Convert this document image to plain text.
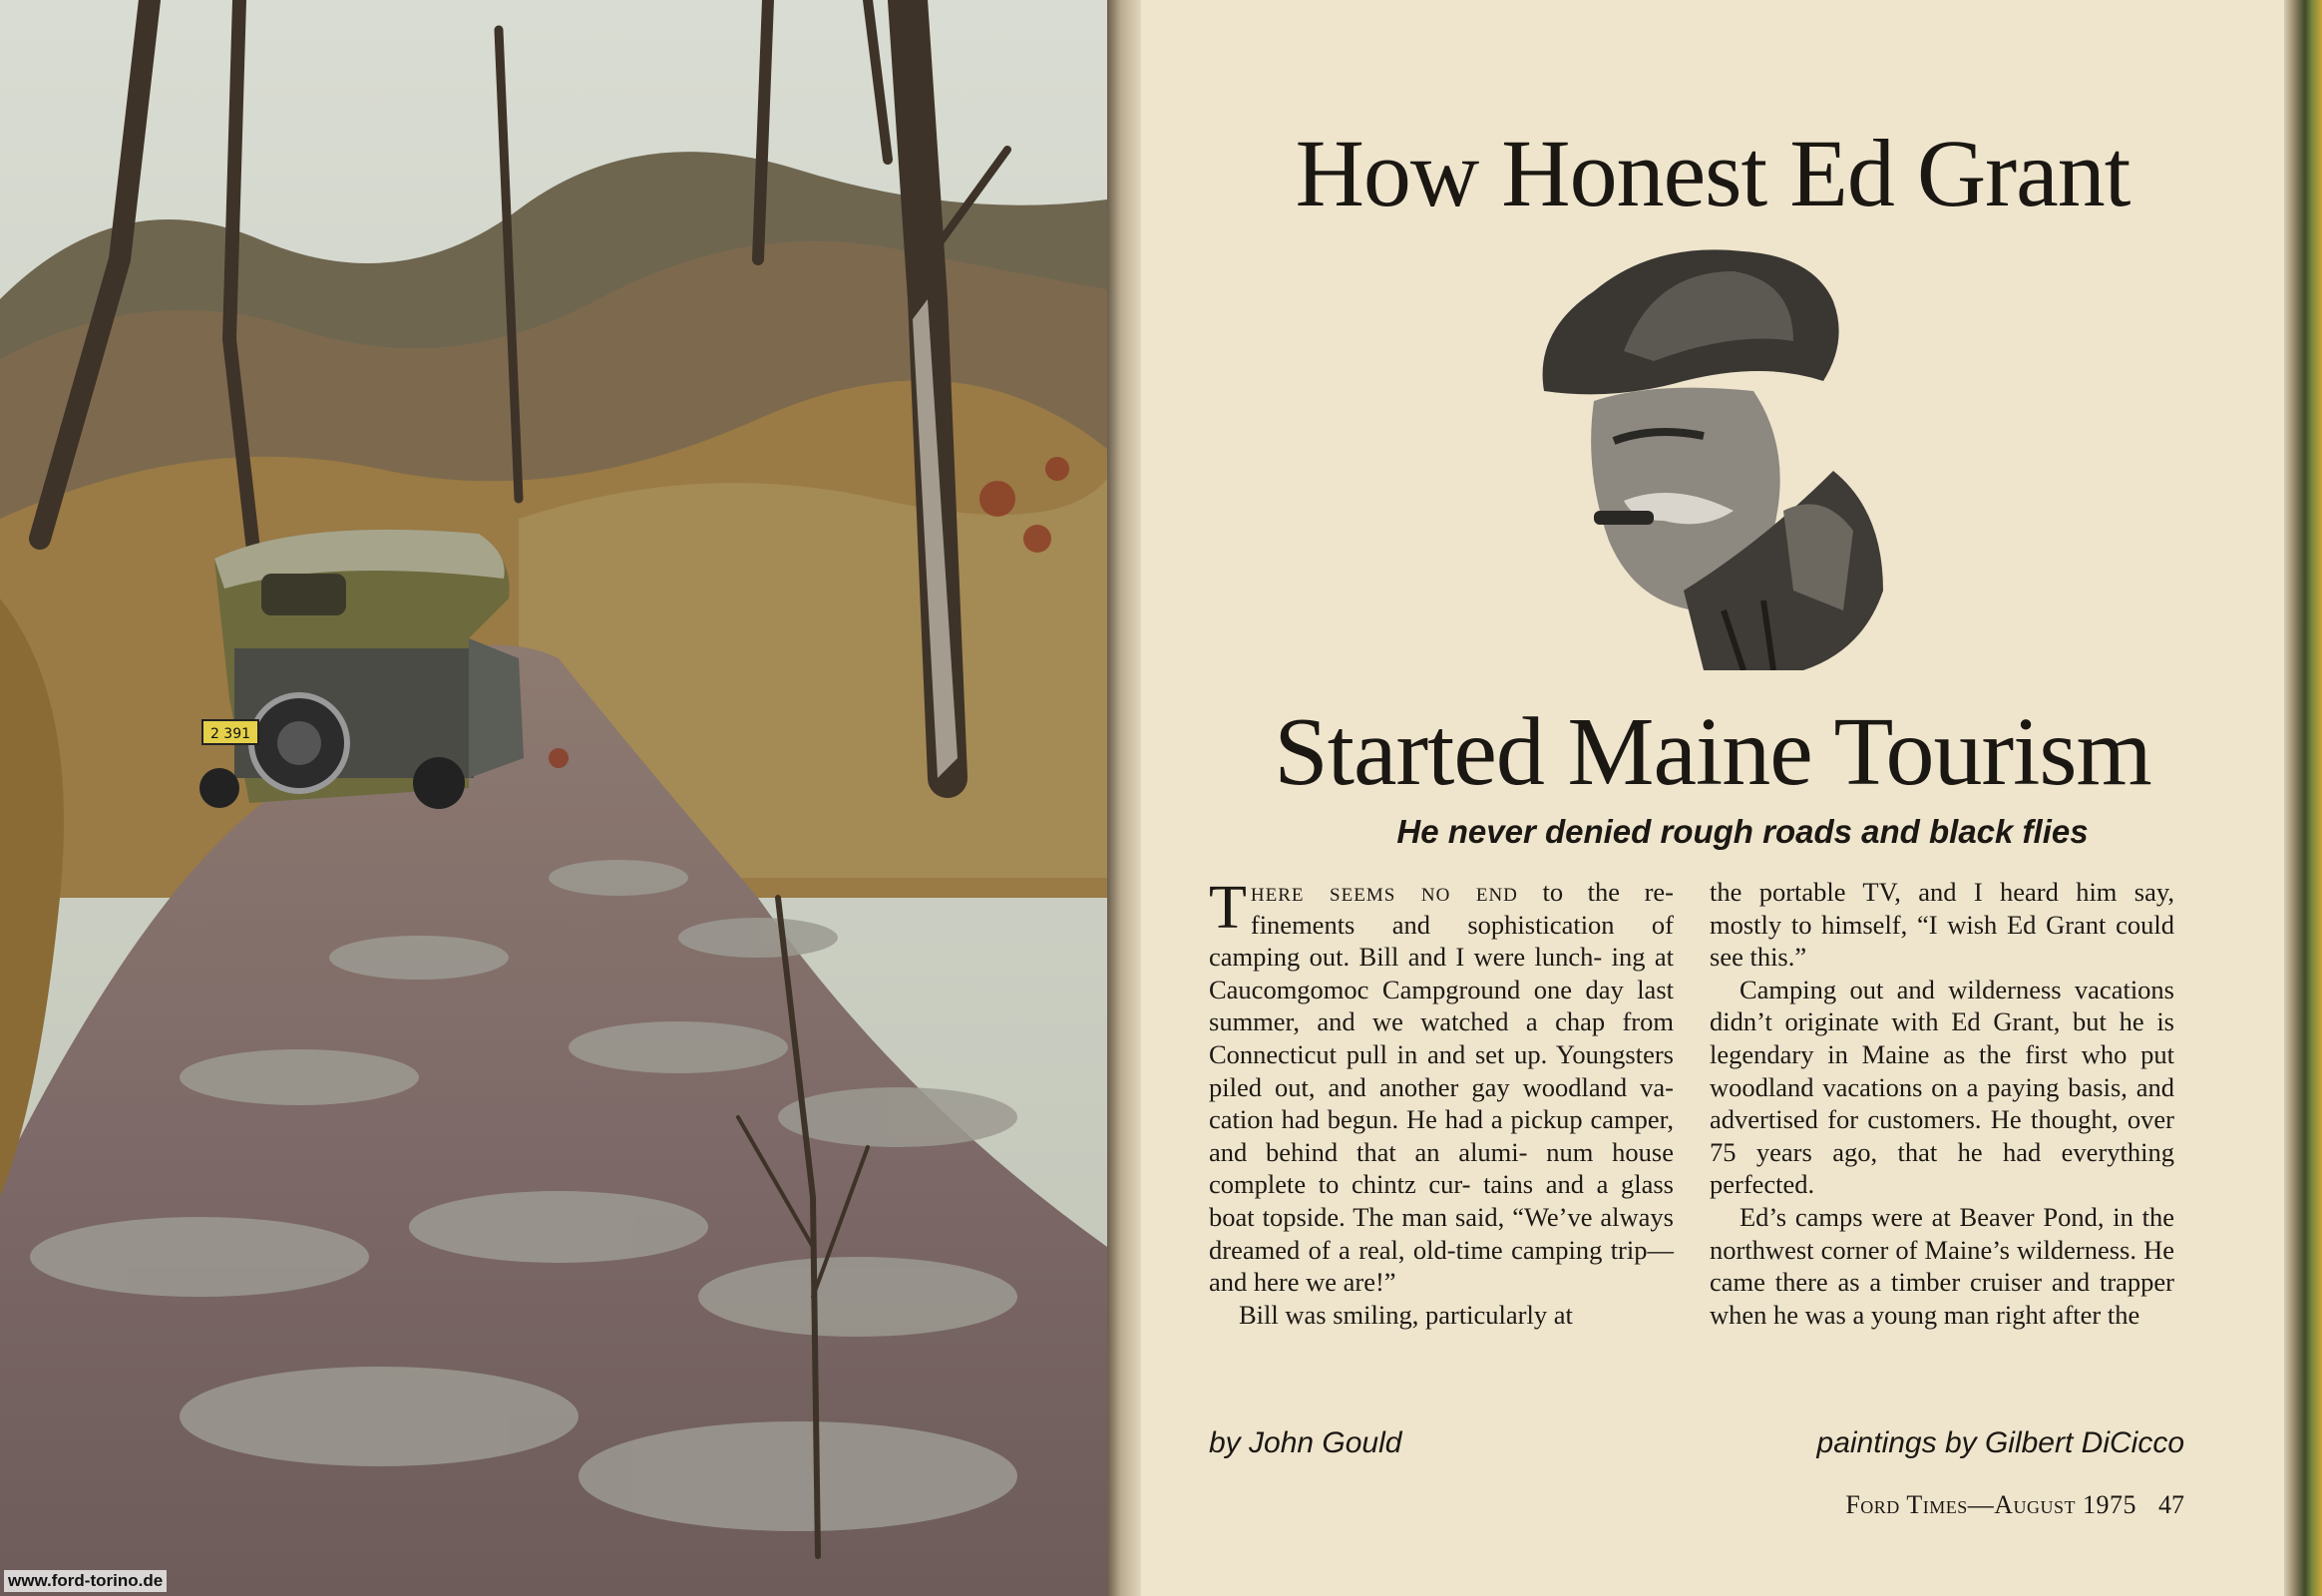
2 391
www.ford-torino.de
How Honest Ed Grant
Started Maine Tourism
He never denied rough roads and black flies

There seems no end to the re- finements and sophistication of camping out. Bill and I were lunch- ing at Caucomgomoc Campground one day last summer, and we watched a chap from Connecticut pull in and set up. Youngsters piled out, and another gay woodland va- cation had begun. He had a pickup camper, and behind that an alumi- num house complete to chintz cur- tains and a glass boat topside. The man said, “We’ve always dreamed of a real, old-time camping trip— and here we are!”

Bill was smiling, particularly at

the portable TV, and I heard him say, mostly to himself, “I wish Ed Grant could see this.”

Camping out and wilderness vacations didn’t originate with Ed Grant, but he is legendary in Maine as the first who put woodland vacations on a paying basis, and advertised for customers. He thought, over 75 years ago, that he had everything perfected.

Ed’s camps were at Beaver Pond, in the northwest corner of Maine’s wilderness. He came there as a timber cruiser and trapper when he was a young man right after the

by John Gould	paintings by Gilbert DiCicco

Ford Times—August 1975 47
